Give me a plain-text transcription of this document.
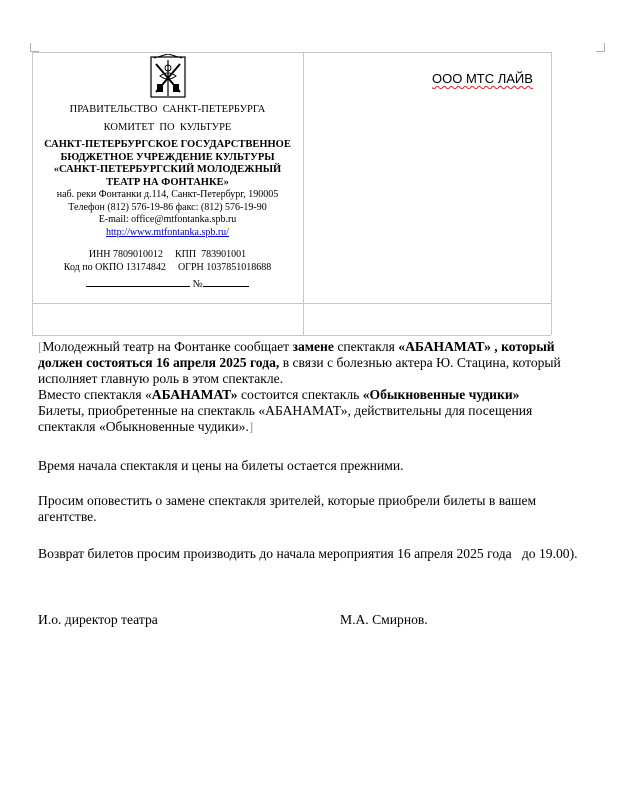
ПРАВИТЕЛЬСТВО  САНКТ-ПЕТЕРБУРГА
КОМИТЕТ  ПО  КУЛЬТУРЕ
САНКТ-ПЕТЕРБУРГСКОЕ ГОСУДАРСТВЕННОЕ
БЮДЖЕТНОЕ УЧРЕЖДЕНИЕ КУЛЬТУРЫ
«САНКТ-ПЕТЕРБУРГСКИЙ МОЛОДЕЖНЫЙ
ТЕАТР НА ФОНТАНКЕ»
наб. реки Фонтанки д.114, Санкт-Петербург, 190005
Телефон (812) 576-19-86 факс: (812) 576-19-90
E-mail: office@mtfontanka.spb.ru
http://www.mtfontanka.spb.ru/
ИНН 7809010012 КПП  783901001
Код по ОКПО 13174842 ОГРН 1037851018688
№
ООО МТС ЛАЙВ
[Молодежный театр на Фонтанке сообщает замене спектакля «АБАНАМАТ» , который должен состояться 16 апреля 2025 года, в связи с болезнью актера Ю. Стацина, который исполняет главную роль в этом спектакле.
Вместо спектакля «АБАНАМАТ» состоится спектакль «Обыкновенные чудики»
Билеты, приобретенные на спектакль «АБАНАМАТ», действительны для посещения спектакля «Обыкновенные чудики».]
Время начала спектакля и цены на билеты остается прежними.
Просим оповестить о замене спектакля зрителей, которые приобрели билеты в вашем агентстве.
Возврат билетов просим производить до начала мероприятия 16 апреля 2025 года   до 19.00).
И.о. директор театра	М.А. Смирнов.
